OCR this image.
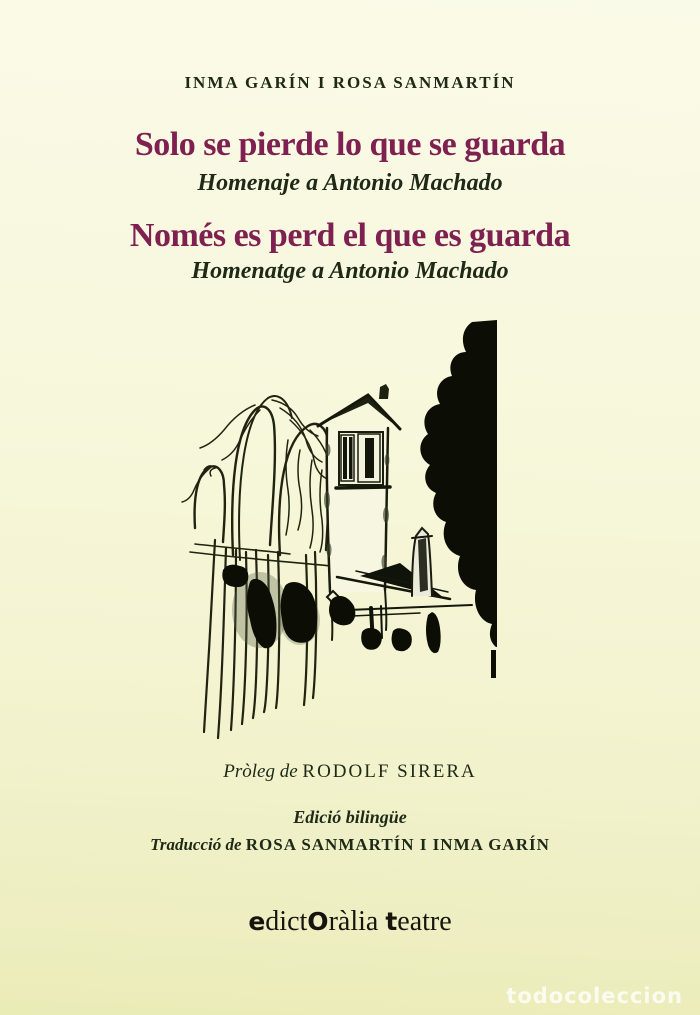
INMA GARÍN I ROSA SANMARTÍN
Solo se pierde lo que se guarda
Homenaje a Antonio Machado
Només es perd el que es guarda
Homenatge a Antonio Machado
Pròleg de RODOLF SIRERA
Edició bilingüe
Traducció de ROSA SANMARTÍN I INMA GARÍN
edictOràlia teatre
todocoleccion
